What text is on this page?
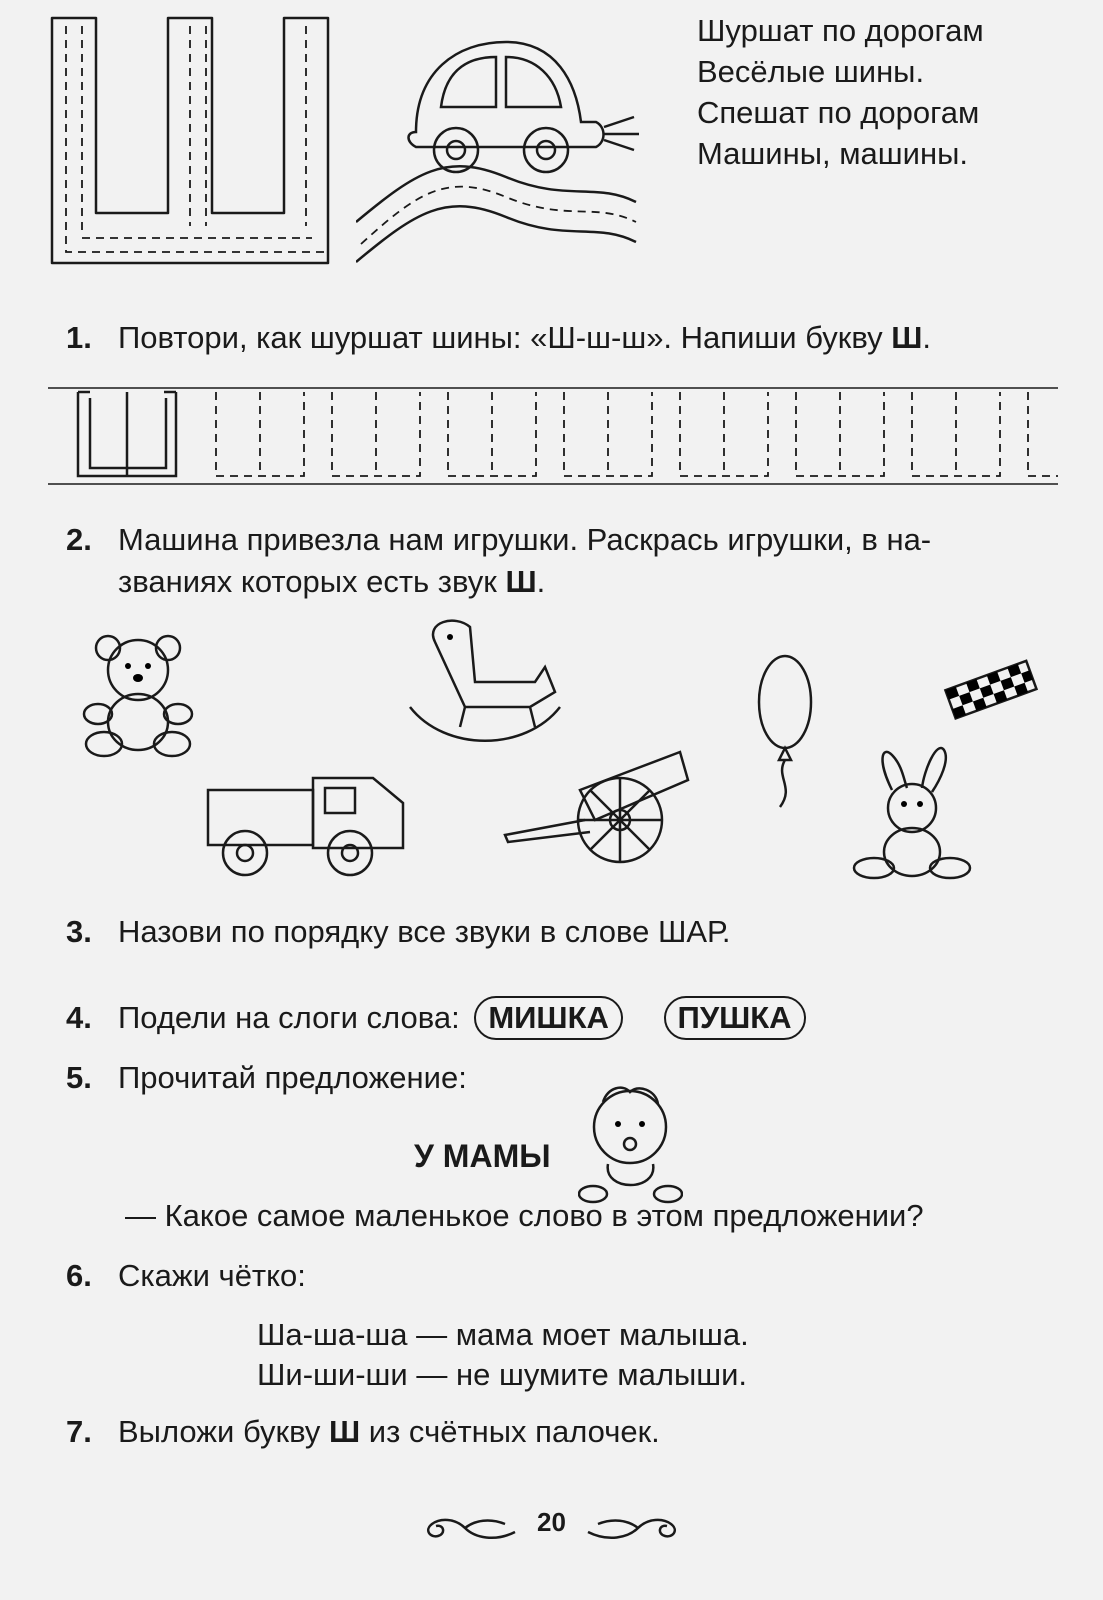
Шуршат по дорогам
Весёлые шины.
Спешат по дорогам
Машины, машины.
1. Повтори, как шуршат шины: «Ш-ш-ш». Напиши букву Ш.
2. Машина привезла нам игрушки. Раскрась игрушки, в на-
званиях которых есть звук Ш.
3. Назови по порядку все звуки в слове ШАР.
4. Подели на слоги слова: МИШКА ПУШКА
5. Прочитай предложение:
У МАМЫ
— Какое самое маленькое слово в этом предложении?
6. Скажи чётко:
Ша-ша-ша — мама моет малыша.
Ши-ши-ши — не шумите малыши.
7. Выложи букву Ш из счётных палочек.
20
